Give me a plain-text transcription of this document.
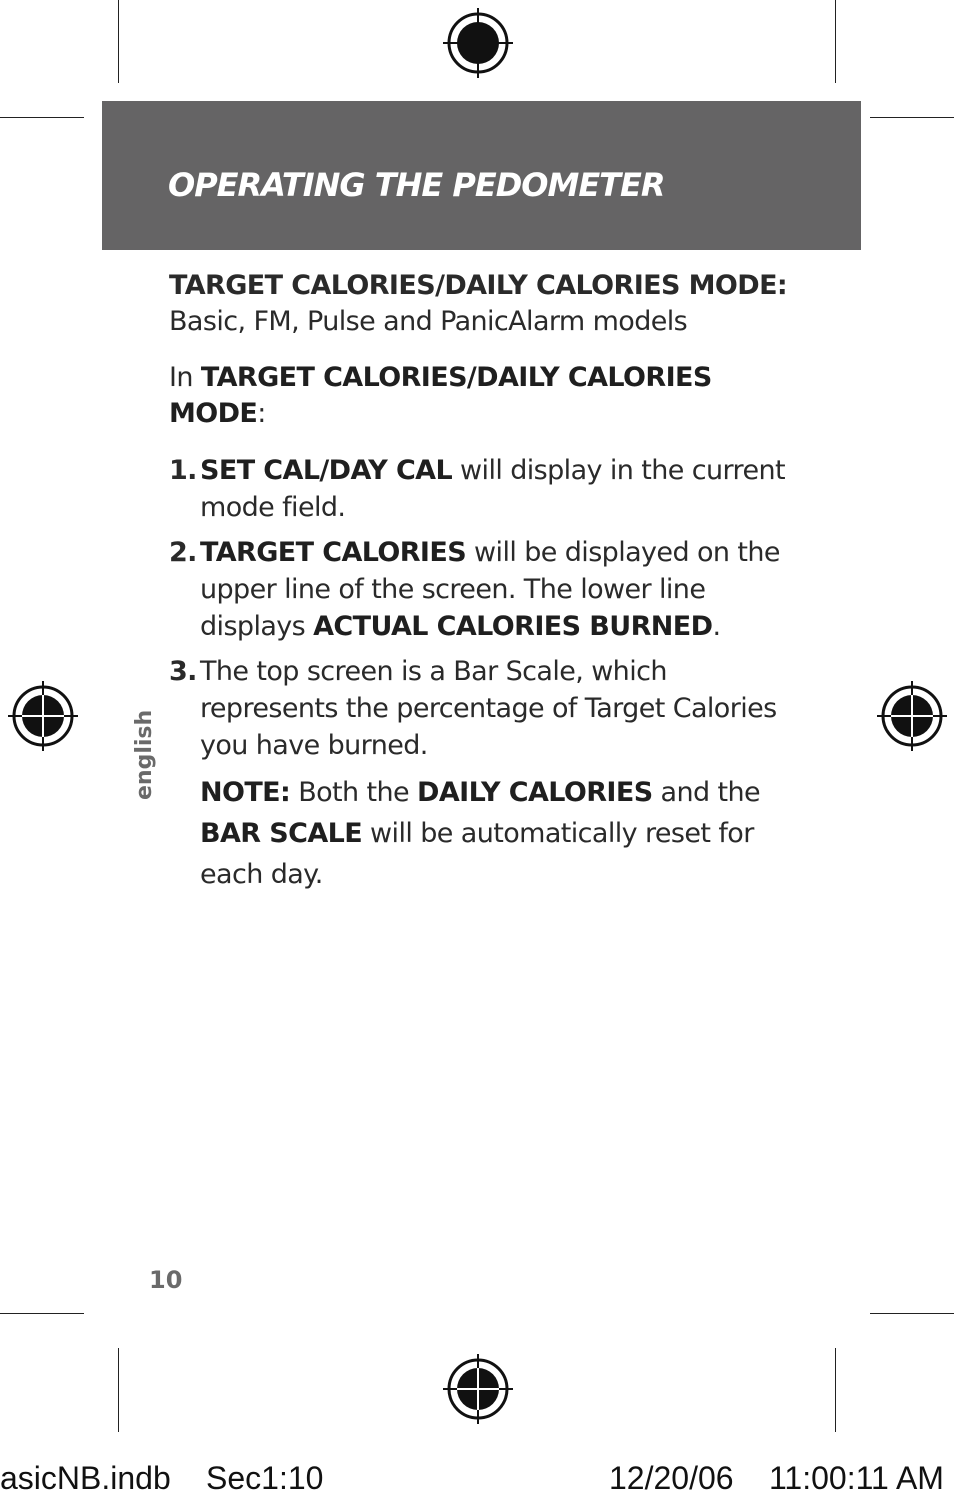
OPERATING THE PEDOMETER

TARGET CALORIES/DAILY CALORIES MODE:

Basic, FM, Pulse and PanicAlarm models

In TARGET CALORIES/DAILY CALORIES MODE:

1. SET CAL/DAY CAL will display in the current mode field.

2. TARGET CALORIES will be displayed on the upper line of the screen. The lower line displays ACTUAL CALORIES BURNED.

3. The top screen is a Bar Scale, which represents the percentage of Target Calories you have burned.

NOTE: Both the DAILY CALORIES and the BAR SCALE will be automatically reset for each day.

english
10
asicNB.indb Sec1:10	12/20/06 11:00:11 AM
